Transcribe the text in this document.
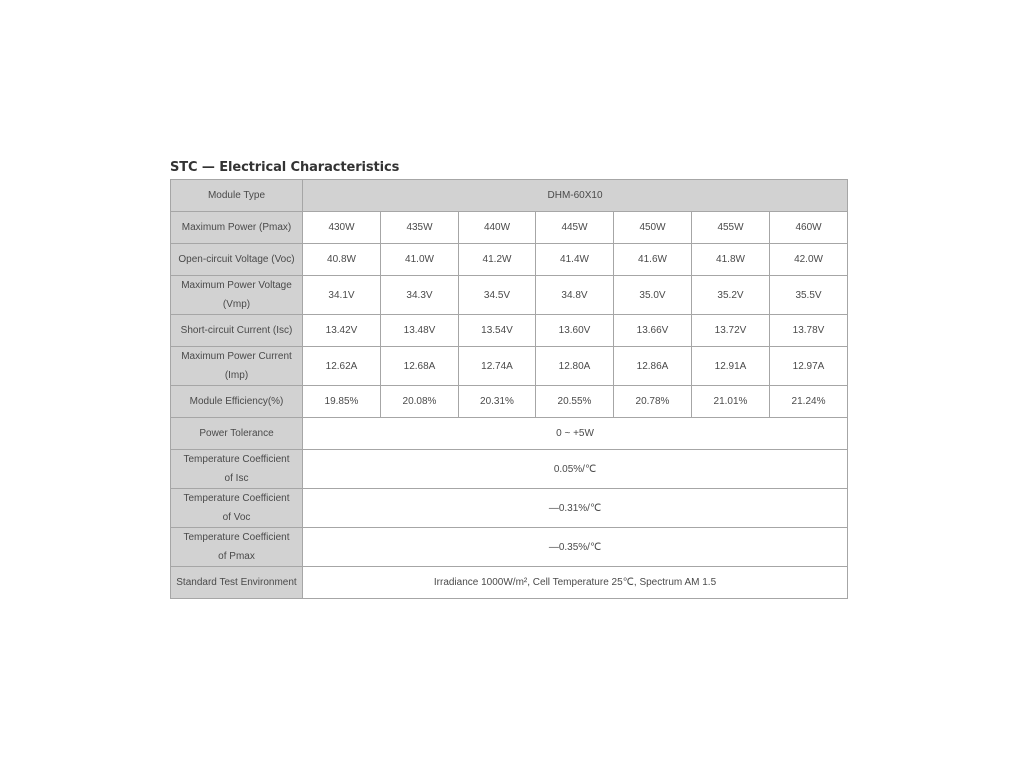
STC — Electrical Characteristics
Module Type	DHM-60X10						
Maximum Power (Pmax)	430W	435W	440W	445W	450W	455W	460W
Open-circuit Voltage (Voc)	40.8W	41.0W	41.2W	41.4W	41.6W	41.8W	42.0W
Maximum Power Voltage
(Vmp)	34.1V	34.3V	34.5V	34.8V	35.0V	35.2V	35.5V
Short-circuit Current (Isc)	13.42V	13.48V	13.54V	13.60V	13.66V	13.72V	13.78V
Maximum Power Current
(Imp)	12.62A	12.68A	12.74A	12.80A	12.86A	12.91A	12.97A
Module Efficiency(%)	19.85%	20.08%	20.31%	20.55%	20.78%	21.01%	21.24%
Power Tolerance	0 ~ +5W						
Temperature Coefficient
of Isc	0.05%/℃						
Temperature Coefficient
of Voc	—0.31%/℃						
Temperature Coefficient
of Pmax	—0.35%/℃						
Standard Test Environment	Irradiance 1000W/m², Cell Temperature 25℃, Spectrum AM 1.5						
